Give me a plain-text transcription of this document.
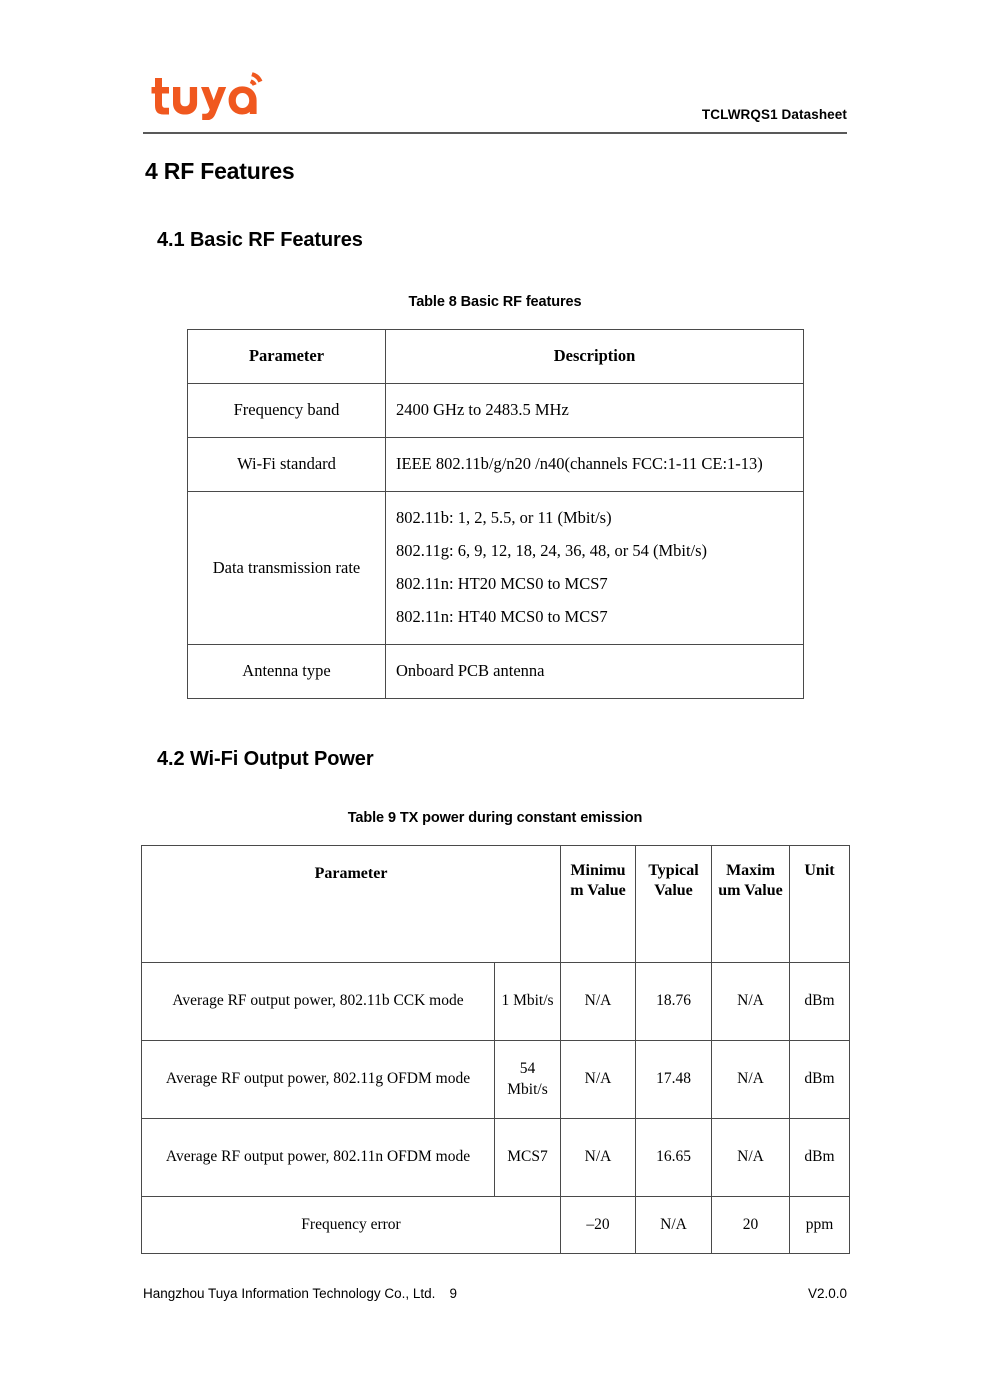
TCLWRQS1 Datasheet
4 RF Features
4.1 Basic RF Features
Table 8 Basic RF features
Parameter	Description
Frequency band	2400 GHz to 2483.5 MHz
Wi-Fi standard	IEEE 802.11b/g/n20 /n40(channels FCC:1-11 CE:1-13)
Data transmission rate	802.11b: 1, 2, 5.5, or 11 (Mbit/s)

802.11g: 6, 9, 12, 18, 24, 36, 48, or 54 (Mbit/s)

802.11n: HT20 MCS0 to MCS7

802.11n: HT40 MCS0 to MCS7

Antenna type	Onboard PCB antenna
4.2 Wi-Fi Output Power
Table 9 TX power during constant emission
Parameter		Minimu m Value	Typical Value	Maxim um Value	Unit
Average RF output power, 802.11b CCK mode	1 Mbit/s	N/A	18.76	N/A	dBm
Average RF output power, 802.11g OFDM mode	54 Mbit/s	N/A	17.48	N/A	dBm
Average RF output power, 802.11n OFDM mode	MCS7	N/A	16.65	N/A	dBm
Frequency error		–20	N/A	20	ppm
Hangzhou Tuya Information Technology Co., Ltd. 9	V2.0.0
